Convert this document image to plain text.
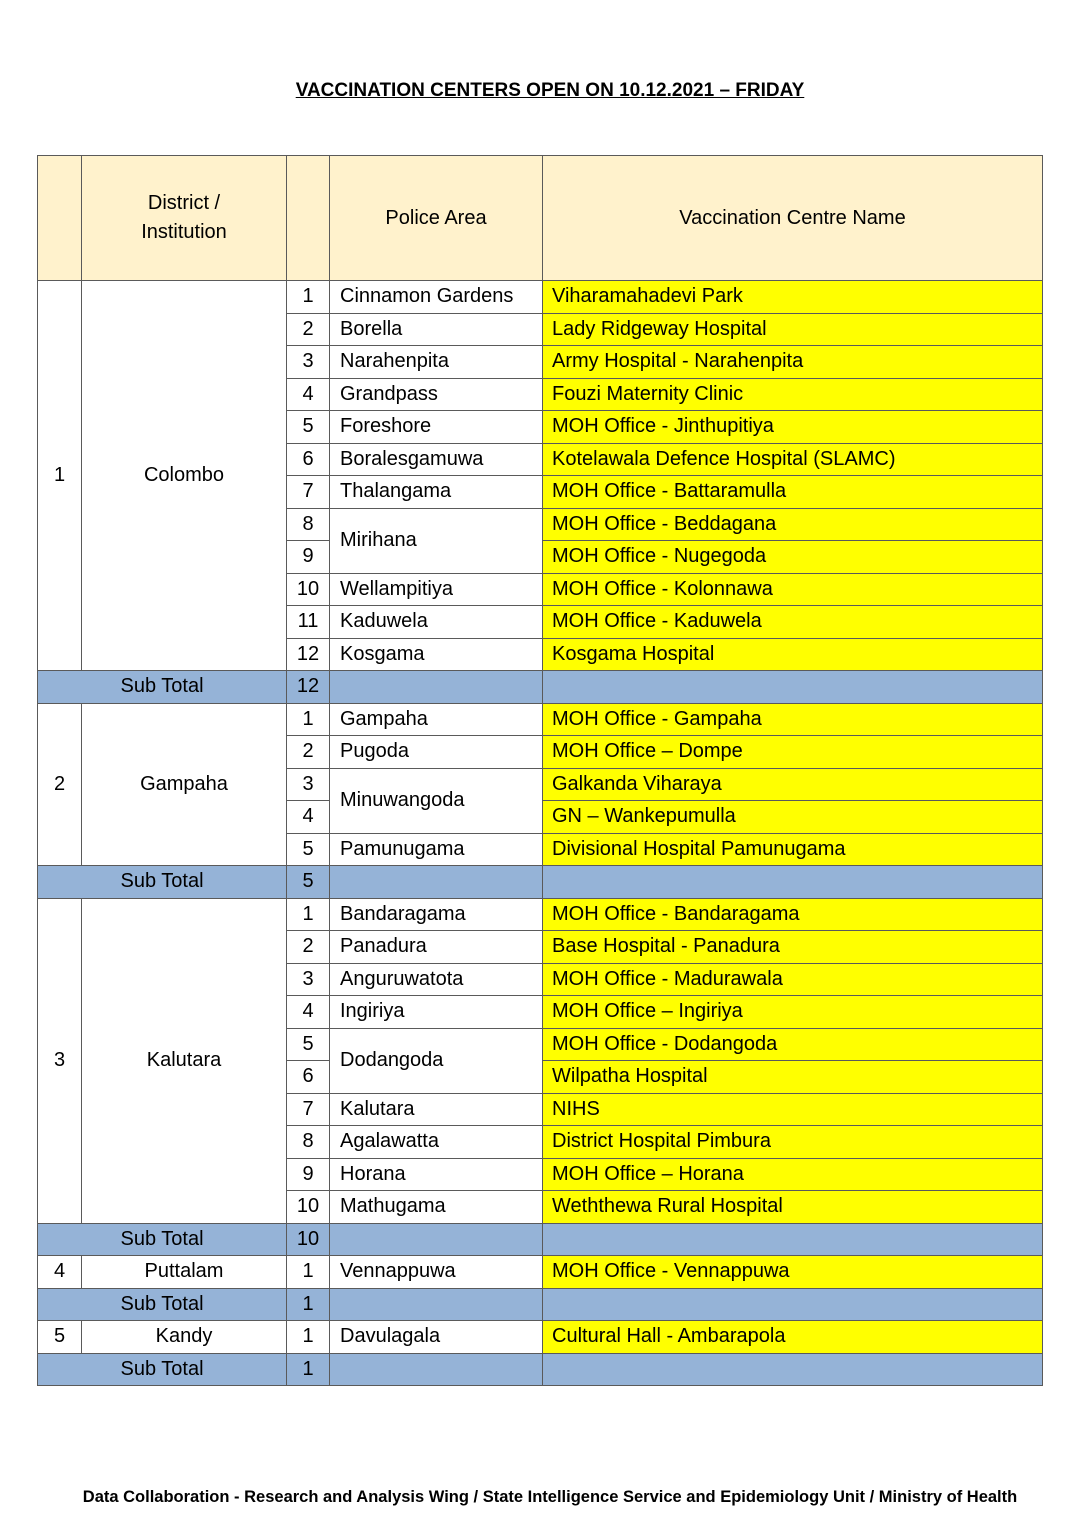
VACCINATION CENTERS OPEN ON 10.12.2021 – FRIDAY
	District /
Institution		Police Area	Vaccination Centre Name
1	Colombo	1	Cinnamon Gardens	Viharamahadevi Park
		2	Borella	Lady Ridgeway Hospital
		3	Narahenpita	Army Hospital - Narahenpita
		4	Grandpass	Fouzi Maternity Clinic
		5	Foreshore	MOH Office - Jinthupitiya
		6	Boralesgamuwa	Kotelawala Defence Hospital (SLAMC)
		7	Thalangama	MOH Office - Battaramulla
		8	Mirihana	MOH Office - Beddagana
		9		MOH Office - Nugegoda
		10	Wellampitiya	MOH Office - Kolonnawa
		11	Kaduwela	MOH Office - Kaduwela
		12	Kosgama	Kosgama Hospital
Sub Total		12		
2	Gampaha	1	Gampaha	MOH Office - Gampaha
		2	Pugoda	MOH Office – Dompe
		3	Minuwangoda	Galkanda Viharaya
		4		GN – Wankepumulla
		5	Pamunugama	Divisional Hospital Pamunugama
Sub Total		5		
3	Kalutara	1	Bandaragama	MOH Office - Bandaragama
		2	Panadura	Base Hospital - Panadura
		3	Anguruwatota	MOH Office - Madurawala
		4	Ingiriya	MOH Office – Ingiriya
		5	Dodangoda	MOH Office - Dodangoda
		6		Wilpatha Hospital
		7	Kalutara	NIHS
		8	Agalawatta	District Hospital Pimbura
		9	Horana	MOH Office – Horana
		10	Mathugama	Weththewa Rural Hospital
Sub Total		10		
4	Puttalam	1	Vennappuwa	MOH Office - Vennappuwa
Sub Total		1		
5	Kandy	1	Davulagala	Cultural Hall - Ambarapola
Sub Total		1		
Data Collaboration - Research and Analysis Wing / State Intelligence Service and Epidemiology Unit / Ministry of Health
